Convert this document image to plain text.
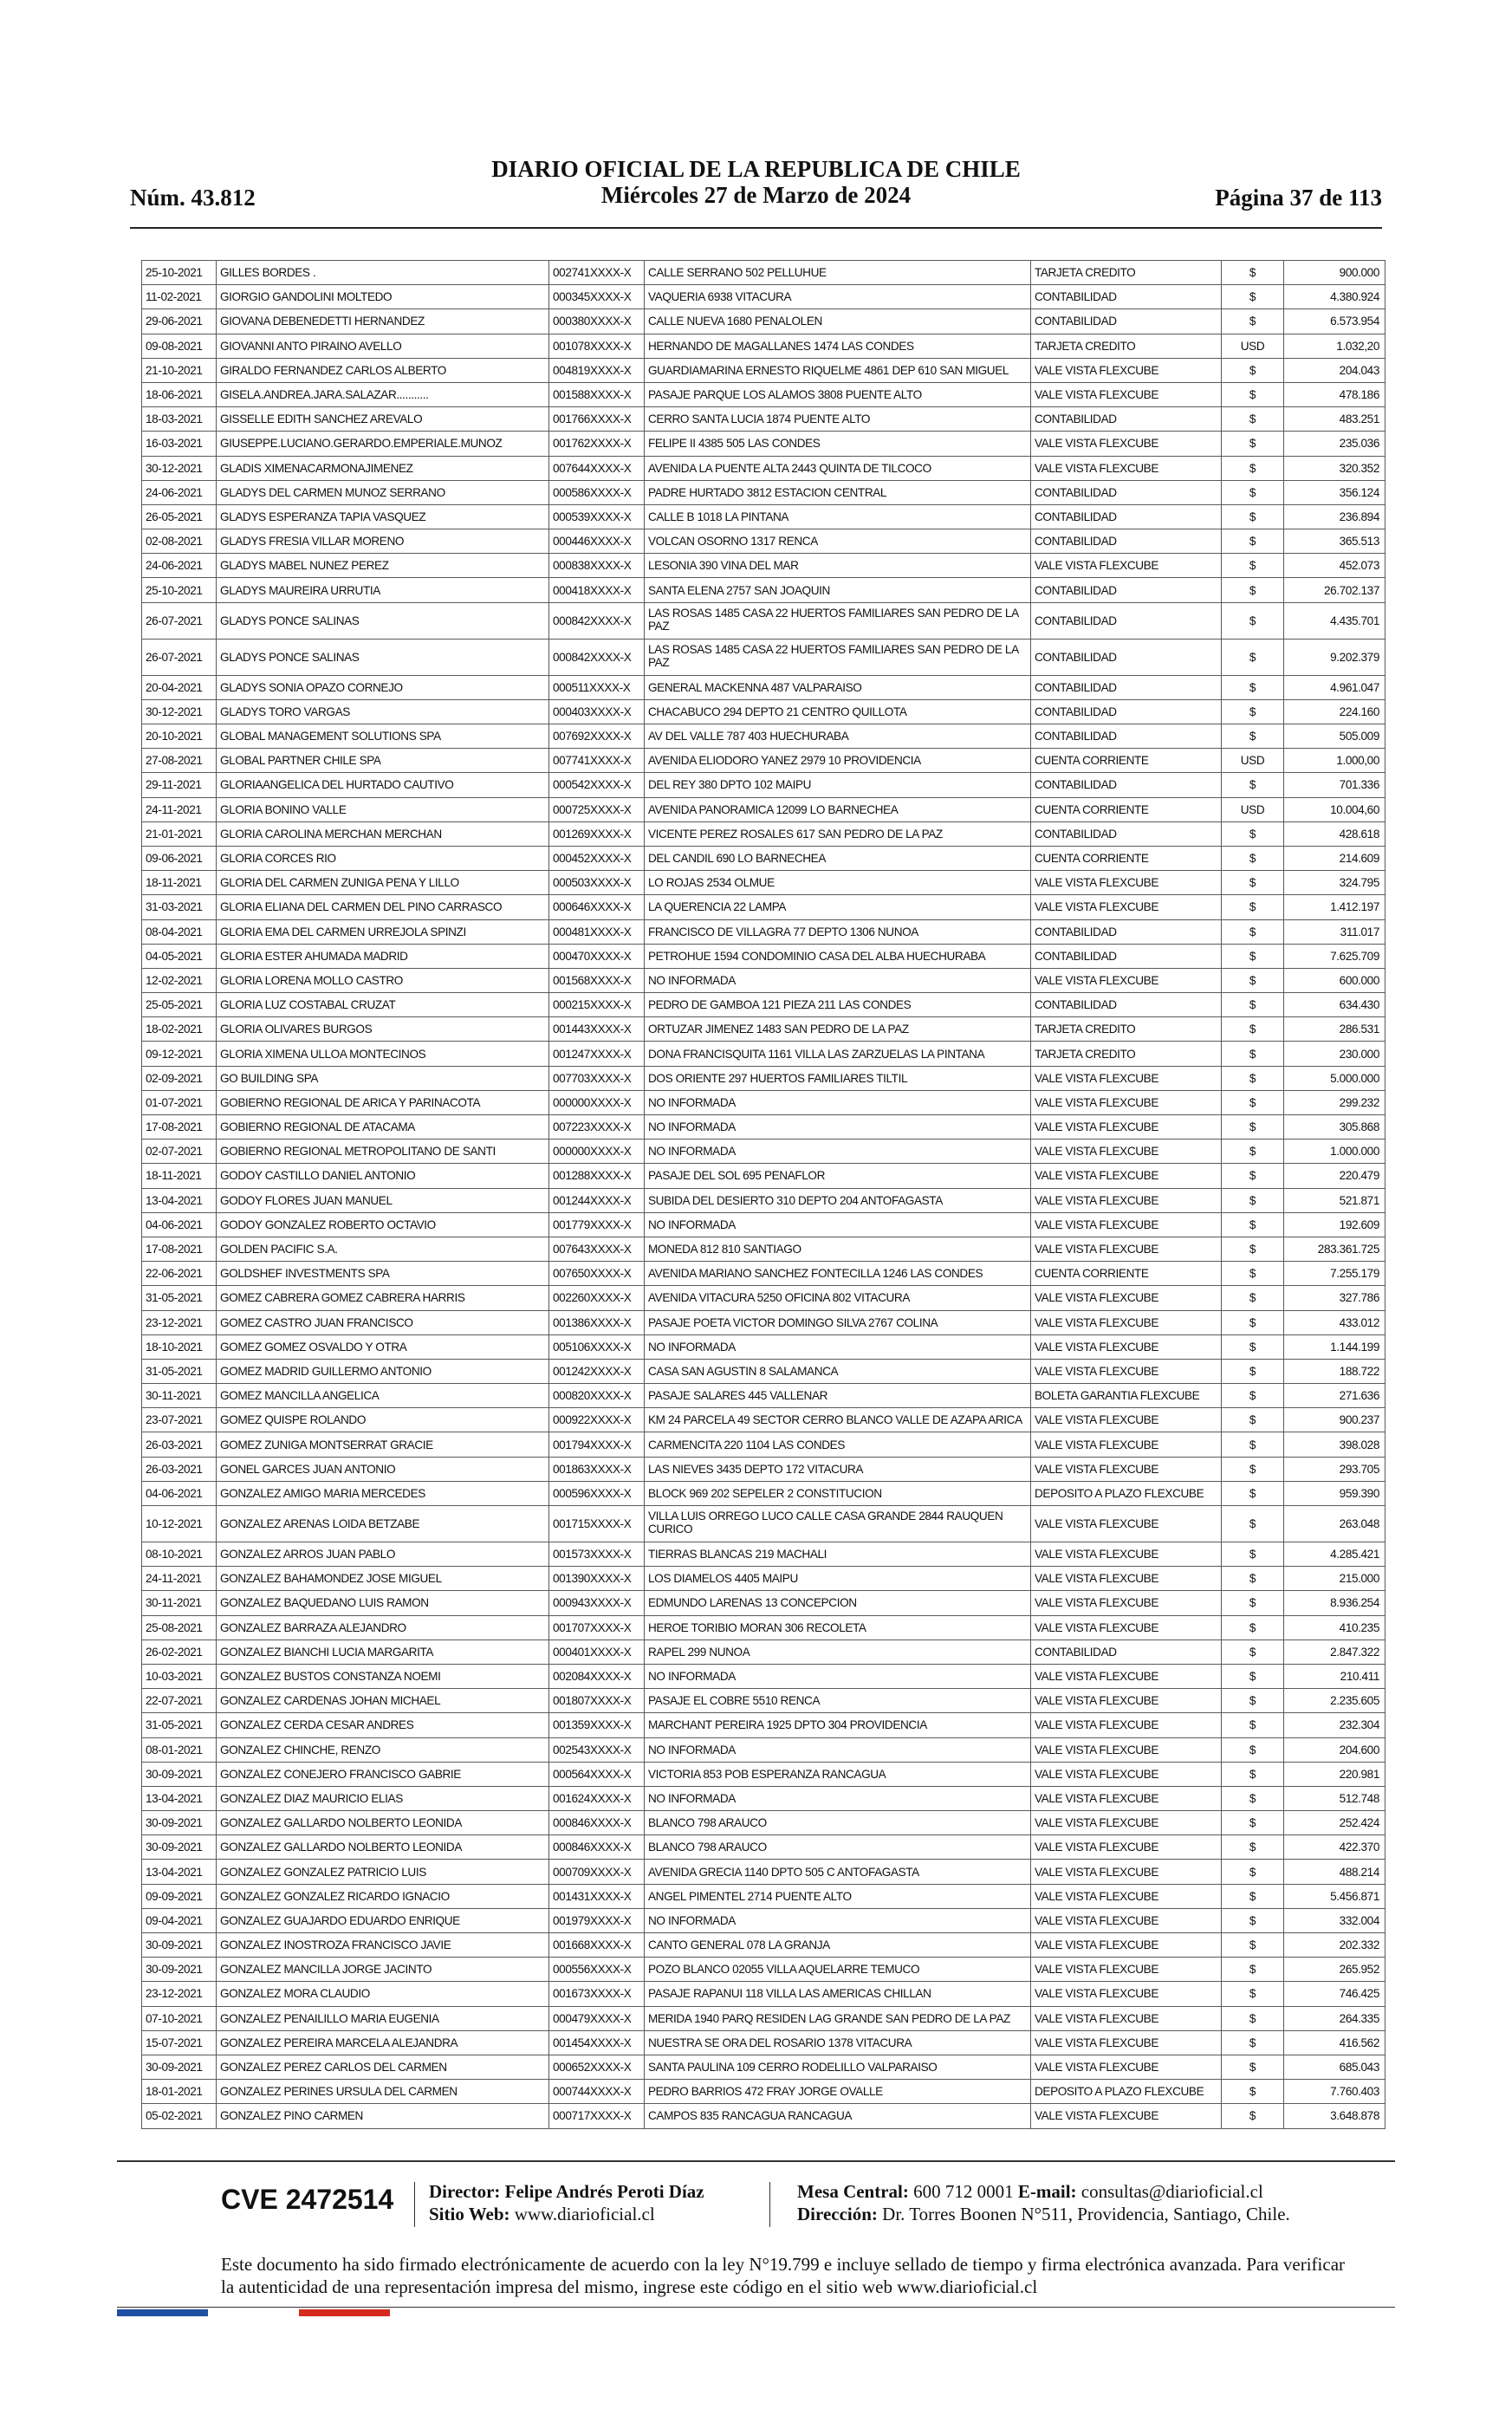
Núm. 43.812
DIARIO OFICIAL DE LA REPUBLICA DE CHILE
Miércoles 27 de Marzo de 2024	Página 37 de 113
25-10-2021	GILLES BORDES .	002741XXXX-X	CALLE SERRANO 502 PELLUHUE	TARJETA CREDITO	$	900.000
11-02-2021	GIORGIO GANDOLINI MOLTEDO	000345XXXX-X	VAQUERIA 6938 VITACURA	CONTABILIDAD	$	4.380.924
29-06-2021	GIOVANA DEBENEDETTI HERNANDEZ	000380XXXX-X	CALLE NUEVA 1680 PENALOLEN	CONTABILIDAD	$	6.573.954
09-08-2021	GIOVANNI ANTO PIRAINO AVELLO	001078XXXX-X	HERNANDO DE MAGALLANES 1474 LAS CONDES	TARJETA CREDITO	USD	1.032,20
21-10-2021	GIRALDO FERNANDEZ CARLOS ALBERTO	004819XXXX-X	GUARDIAMARINA ERNESTO RIQUELME 4861 DEP 610 SAN MIGUEL	VALE VISTA FLEXCUBE	$	204.043
18-06-2021	GISELA.ANDREA.JARA.SALAZAR...........	001588XXXX-X	PASAJE PARQUE LOS ALAMOS 3808 PUENTE ALTO	VALE VISTA FLEXCUBE	$	478.186
18-03-2021	GISSELLE EDITH SANCHEZ AREVALO	001766XXXX-X	CERRO SANTA LUCIA 1874 PUENTE ALTO	CONTABILIDAD	$	483.251
16-03-2021	GIUSEPPE.LUCIANO.GERARDO.EMPERIALE.MUNOZ	001762XXXX-X	FELIPE II 4385 505 LAS CONDES	VALE VISTA FLEXCUBE	$	235.036
30-12-2021	GLADIS XIMENACARMONAJIMENEZ	007644XXXX-X	AVENIDA LA PUENTE ALTA 2443 QUINTA DE TILCOCO	VALE VISTA FLEXCUBE	$	320.352
24-06-2021	GLADYS DEL CARMEN MUNOZ SERRANO	000586XXXX-X	PADRE HURTADO 3812 ESTACION CENTRAL	CONTABILIDAD	$	356.124
26-05-2021	GLADYS ESPERANZA TAPIA VASQUEZ	000539XXXX-X	CALLE B 1018 LA PINTANA	CONTABILIDAD	$	236.894
02-08-2021	GLADYS FRESIA VILLAR MORENO	000446XXXX-X	VOLCAN OSORNO 1317 RENCA	CONTABILIDAD	$	365.513
24-06-2021	GLADYS MABEL NUNEZ PEREZ	000838XXXX-X	LESONIA 390 VINA DEL MAR	VALE VISTA FLEXCUBE	$	452.073
25-10-2021	GLADYS MAUREIRA URRUTIA	000418XXXX-X	SANTA ELENA 2757 SAN JOAQUIN	CONTABILIDAD	$	26.702.137
26-07-2021	GLADYS PONCE SALINAS	000842XXXX-X	LAS ROSAS 1485 CASA 22 HUERTOS FAMILIARES SAN PEDRO DE LA PAZ	CONTABILIDAD	$	4.435.701
26-07-2021	GLADYS PONCE SALINAS	000842XXXX-X	LAS ROSAS 1485 CASA 22 HUERTOS FAMILIARES SAN PEDRO DE LA PAZ	CONTABILIDAD	$	9.202.379
20-04-2021	GLADYS SONIA OPAZO CORNEJO	000511XXXX-X	GENERAL MACKENNA 487 VALPARAISO	CONTABILIDAD	$	4.961.047
30-12-2021	GLADYS TORO VARGAS	000403XXXX-X	CHACABUCO 294 DEPTO 21 CENTRO QUILLOTA	CONTABILIDAD	$	224.160
20-10-2021	GLOBAL MANAGEMENT SOLUTIONS SPA	007692XXXX-X	AV DEL VALLE 787 403 HUECHURABA	CONTABILIDAD	$	505.009
27-08-2021	GLOBAL PARTNER CHILE SPA	007741XXXX-X	AVENIDA ELIODORO YANEZ 2979 10 PROVIDENCIA	CUENTA CORRIENTE	USD	1.000,00
29-11-2021	GLORIAANGELICA DEL HURTADO CAUTIVO	000542XXXX-X	DEL REY 380 DPTO 102 MAIPU	CONTABILIDAD	$	701.336
24-11-2021	GLORIA BONINO VALLE	000725XXXX-X	AVENIDA PANORAMICA 12099 LO BARNECHEA	CUENTA CORRIENTE	USD	10.004,60
21-01-2021	GLORIA CAROLINA MERCHAN MERCHAN	001269XXXX-X	VICENTE PEREZ ROSALES 617 SAN PEDRO DE LA PAZ	CONTABILIDAD	$	428.618
09-06-2021	GLORIA CORCES RIO	000452XXXX-X	DEL CANDIL 690 LO BARNECHEA	CUENTA CORRIENTE	$	214.609
18-11-2021	GLORIA DEL CARMEN ZUNIGA PENA Y LILLO	000503XXXX-X	LO ROJAS 2534 OLMUE	VALE VISTA FLEXCUBE	$	324.795
31-03-2021	GLORIA ELIANA DEL CARMEN DEL PINO CARRASCO	000646XXXX-X	LA QUERENCIA 22 LAMPA	VALE VISTA FLEXCUBE	$	1.412.197
08-04-2021	GLORIA EMA DEL CARMEN URREJOLA SPINZI	000481XXXX-X	FRANCISCO DE VILLAGRA 77 DEPTO 1306 NUNOA	CONTABILIDAD	$	311.017
04-05-2021	GLORIA ESTER AHUMADA MADRID	000470XXXX-X	PETROHUE 1594 CONDOMINIO CASA DEL ALBA HUECHURABA	CONTABILIDAD	$	7.625.709
12-02-2021	GLORIA LORENA MOLLO CASTRO	001568XXXX-X	NO INFORMADA	VALE VISTA FLEXCUBE	$	600.000
25-05-2021	GLORIA LUZ COSTABAL CRUZAT	000215XXXX-X	PEDRO DE GAMBOA 121 PIEZA 211 LAS CONDES	CONTABILIDAD	$	634.430
18-02-2021	GLORIA OLIVARES BURGOS	001443XXXX-X	ORTUZAR JIMENEZ 1483 SAN PEDRO DE LA PAZ	TARJETA CREDITO	$	286.531
09-12-2021	GLORIA XIMENA ULLOA MONTECINOS	001247XXXX-X	DONA FRANCISQUITA 1161 VILLA LAS ZARZUELAS LA PINTANA	TARJETA CREDITO	$	230.000
02-09-2021	GO BUILDING SPA	007703XXXX-X	DOS ORIENTE 297 HUERTOS FAMILIARES TILTIL	VALE VISTA FLEXCUBE	$	5.000.000
01-07-2021	GOBIERNO REGIONAL DE ARICA Y PARINACOTA	000000XXXX-X	NO INFORMADA	VALE VISTA FLEXCUBE	$	299.232
17-08-2021	GOBIERNO REGIONAL DE ATACAMA	007223XXXX-X	NO INFORMADA	VALE VISTA FLEXCUBE	$	305.868
02-07-2021	GOBIERNO REGIONAL METROPOLITANO DE SANTI	000000XXXX-X	NO INFORMADA	VALE VISTA FLEXCUBE	$	1.000.000
18-11-2021	GODOY CASTILLO DANIEL ANTONIO	001288XXXX-X	PASAJE DEL SOL 695 PENAFLOR	VALE VISTA FLEXCUBE	$	220.479
13-04-2021	GODOY FLORES JUAN MANUEL	001244XXXX-X	SUBIDA DEL DESIERTO 310 DEPTO 204 ANTOFAGASTA	VALE VISTA FLEXCUBE	$	521.871
04-06-2021	GODOY GONZALEZ ROBERTO OCTAVIO	001779XXXX-X	NO INFORMADA	VALE VISTA FLEXCUBE	$	192.609
17-08-2021	GOLDEN PACIFIC S.A.	007643XXXX-X	MONEDA 812 810 SANTIAGO	VALE VISTA FLEXCUBE	$	283.361.725
22-06-2021	GOLDSHEF INVESTMENTS SPA	007650XXXX-X	AVENIDA MARIANO SANCHEZ FONTECILLA 1246 LAS CONDES	CUENTA CORRIENTE	$	7.255.179
31-05-2021	GOMEZ CABRERA GOMEZ CABRERA HARRIS	002260XXXX-X	AVENIDA VITACURA 5250 OFICINA 802 VITACURA	VALE VISTA FLEXCUBE	$	327.786
23-12-2021	GOMEZ CASTRO JUAN FRANCISCO	001386XXXX-X	PASAJE POETA VICTOR DOMINGO SILVA 2767 COLINA	VALE VISTA FLEXCUBE	$	433.012
18-10-2021	GOMEZ GOMEZ OSVALDO Y OTRA	005106XXXX-X	NO INFORMADA	VALE VISTA FLEXCUBE	$	1.144.199
31-05-2021	GOMEZ MADRID GUILLERMO ANTONIO	001242XXXX-X	CASA SAN AGUSTIN 8 SALAMANCA	VALE VISTA FLEXCUBE	$	188.722
30-11-2021	GOMEZ MANCILLA ANGELICA	000820XXXX-X	PASAJE SALARES 445 VALLENAR	BOLETA GARANTIA FLEXCUBE	$	271.636
23-07-2021	GOMEZ QUISPE ROLANDO	000922XXXX-X	KM 24 PARCELA 49 SECTOR CERRO BLANCO VALLE DE AZAPA ARICA	VALE VISTA FLEXCUBE	$	900.237
26-03-2021	GOMEZ ZUNIGA MONTSERRAT GRACIE	001794XXXX-X	CARMENCITA 220 1104 LAS CONDES	VALE VISTA FLEXCUBE	$	398.028
26-03-2021	GONEL GARCES JUAN ANTONIO	001863XXXX-X	LAS NIEVES 3435 DEPTO 172 VITACURA	VALE VISTA FLEXCUBE	$	293.705
04-06-2021	GONZALEZ AMIGO MARIA MERCEDES	000596XXXX-X	BLOCK 969 202 SEPELER 2 CONSTITUCION	DEPOSITO A PLAZO FLEXCUBE	$	959.390
10-12-2021	GONZALEZ ARENAS LOIDA BETZABE	001715XXXX-X	VILLA LUIS ORREGO LUCO CALLE CASA GRANDE 2844 RAUQUEN CURICO	VALE VISTA FLEXCUBE	$	263.048
08-10-2021	GONZALEZ ARROS JUAN PABLO	001573XXXX-X	TIERRAS BLANCAS 219 MACHALI	VALE VISTA FLEXCUBE	$	4.285.421
24-11-2021	GONZALEZ BAHAMONDEZ JOSE MIGUEL	001390XXXX-X	LOS DIAMELOS 4405 MAIPU	VALE VISTA FLEXCUBE	$	215.000
30-11-2021	GONZALEZ BAQUEDANO LUIS RAMON	000943XXXX-X	EDMUNDO LARENAS 13 CONCEPCION	VALE VISTA FLEXCUBE	$	8.936.254
25-08-2021	GONZALEZ BARRAZA ALEJANDRO	001707XXXX-X	HEROE TORIBIO MORAN 306 RECOLETA	VALE VISTA FLEXCUBE	$	410.235
26-02-2021	GONZALEZ BIANCHI LUCIA MARGARITA	000401XXXX-X	RAPEL 299 NUNOA	CONTABILIDAD	$	2.847.322
10-03-2021	GONZALEZ BUSTOS CONSTANZA NOEMI	002084XXXX-X	NO INFORMADA	VALE VISTA FLEXCUBE	$	210.411
22-07-2021	GONZALEZ CARDENAS JOHAN MICHAEL	001807XXXX-X	PASAJE EL COBRE 5510 RENCA	VALE VISTA FLEXCUBE	$	2.235.605
31-05-2021	GONZALEZ CERDA CESAR ANDRES	001359XXXX-X	MARCHANT PEREIRA 1925 DPTO 304 PROVIDENCIA	VALE VISTA FLEXCUBE	$	232.304
08-01-2021	GONZALEZ CHINCHE, RENZO	002543XXXX-X	NO INFORMADA	VALE VISTA FLEXCUBE	$	204.600
30-09-2021	GONZALEZ CONEJERO FRANCISCO GABRIE	000564XXXX-X	VICTORIA 853 POB ESPERANZA RANCAGUA	VALE VISTA FLEXCUBE	$	220.981
13-04-2021	GONZALEZ DIAZ MAURICIO ELIAS	001624XXXX-X	NO INFORMADA	VALE VISTA FLEXCUBE	$	512.748
30-09-2021	GONZALEZ GALLARDO NOLBERTO LEONIDA	000846XXXX-X	BLANCO 798 ARAUCO	VALE VISTA FLEXCUBE	$	252.424
30-09-2021	GONZALEZ GALLARDO NOLBERTO LEONIDA	000846XXXX-X	BLANCO 798 ARAUCO	VALE VISTA FLEXCUBE	$	422.370
13-04-2021	GONZALEZ GONZALEZ PATRICIO LUIS	000709XXXX-X	AVENIDA GRECIA 1140 DPTO 505 C ANTOFAGASTA	VALE VISTA FLEXCUBE	$	488.214
09-09-2021	GONZALEZ GONZALEZ RICARDO IGNACIO	001431XXXX-X	ANGEL PIMENTEL 2714 PUENTE ALTO	VALE VISTA FLEXCUBE	$	5.456.871
09-04-2021	GONZALEZ GUAJARDO EDUARDO ENRIQUE	001979XXXX-X	NO INFORMADA	VALE VISTA FLEXCUBE	$	332.004
30-09-2021	GONZALEZ INOSTROZA FRANCISCO JAVIE	001668XXXX-X	CANTO GENERAL 078 LA GRANJA	VALE VISTA FLEXCUBE	$	202.332
30-09-2021	GONZALEZ MANCILLA JORGE JACINTO	000556XXXX-X	POZO BLANCO 02055 VILLA AQUELARRE TEMUCO	VALE VISTA FLEXCUBE	$	265.952
23-12-2021	GONZALEZ MORA CLAUDIO	001673XXXX-X	PASAJE RAPANUI 118 VILLA LAS AMERICAS CHILLAN	VALE VISTA FLEXCUBE	$	746.425
07-10-2021	GONZALEZ PENAILILLO MARIA EUGENIA	000479XXXX-X	MERIDA 1940 PARQ RESIDEN LAG GRANDE SAN PEDRO DE LA PAZ	VALE VISTA FLEXCUBE	$	264.335
15-07-2021	GONZALEZ PEREIRA MARCELA ALEJANDRA	001454XXXX-X	NUESTRA SE ORA DEL ROSARIO 1378 VITACURA	VALE VISTA FLEXCUBE	$	416.562
30-09-2021	GONZALEZ PEREZ CARLOS DEL CARMEN	000652XXXX-X	SANTA PAULINA 109 CERRO RODELILLO VALPARAISO	VALE VISTA FLEXCUBE	$	685.043
18-01-2021	GONZALEZ PERINES URSULA DEL CARMEN	000744XXXX-X	PEDRO BARRIOS 472 FRAY JORGE OVALLE	DEPOSITO A PLAZO FLEXCUBE	$	7.760.403
05-02-2021	GONZALEZ PINO CARMEN	000717XXXX-X	CAMPOS 835 RANCAGUA RANCAGUA	VALE VISTA FLEXCUBE	$	3.648.878
CVE 2472514 Director: Felipe Andrés Peroti Díaz
Sitio Web: www.diarioficial.cl
Mesa Central: 600 712 0001 E-mail: consultas@diarioficial.cl
Dirección: Dr. Torres Boonen N°511, Providencia, Santiago, Chile.
Este documento ha sido firmado electrónicamente de acuerdo con la ley N°19.799 e incluye sellado de tiempo y firma electrónica avanzada. Para verificar la autenticidad de una representación impresa del mismo, ingrese este código en el sitio web www.diarioficial.cl
